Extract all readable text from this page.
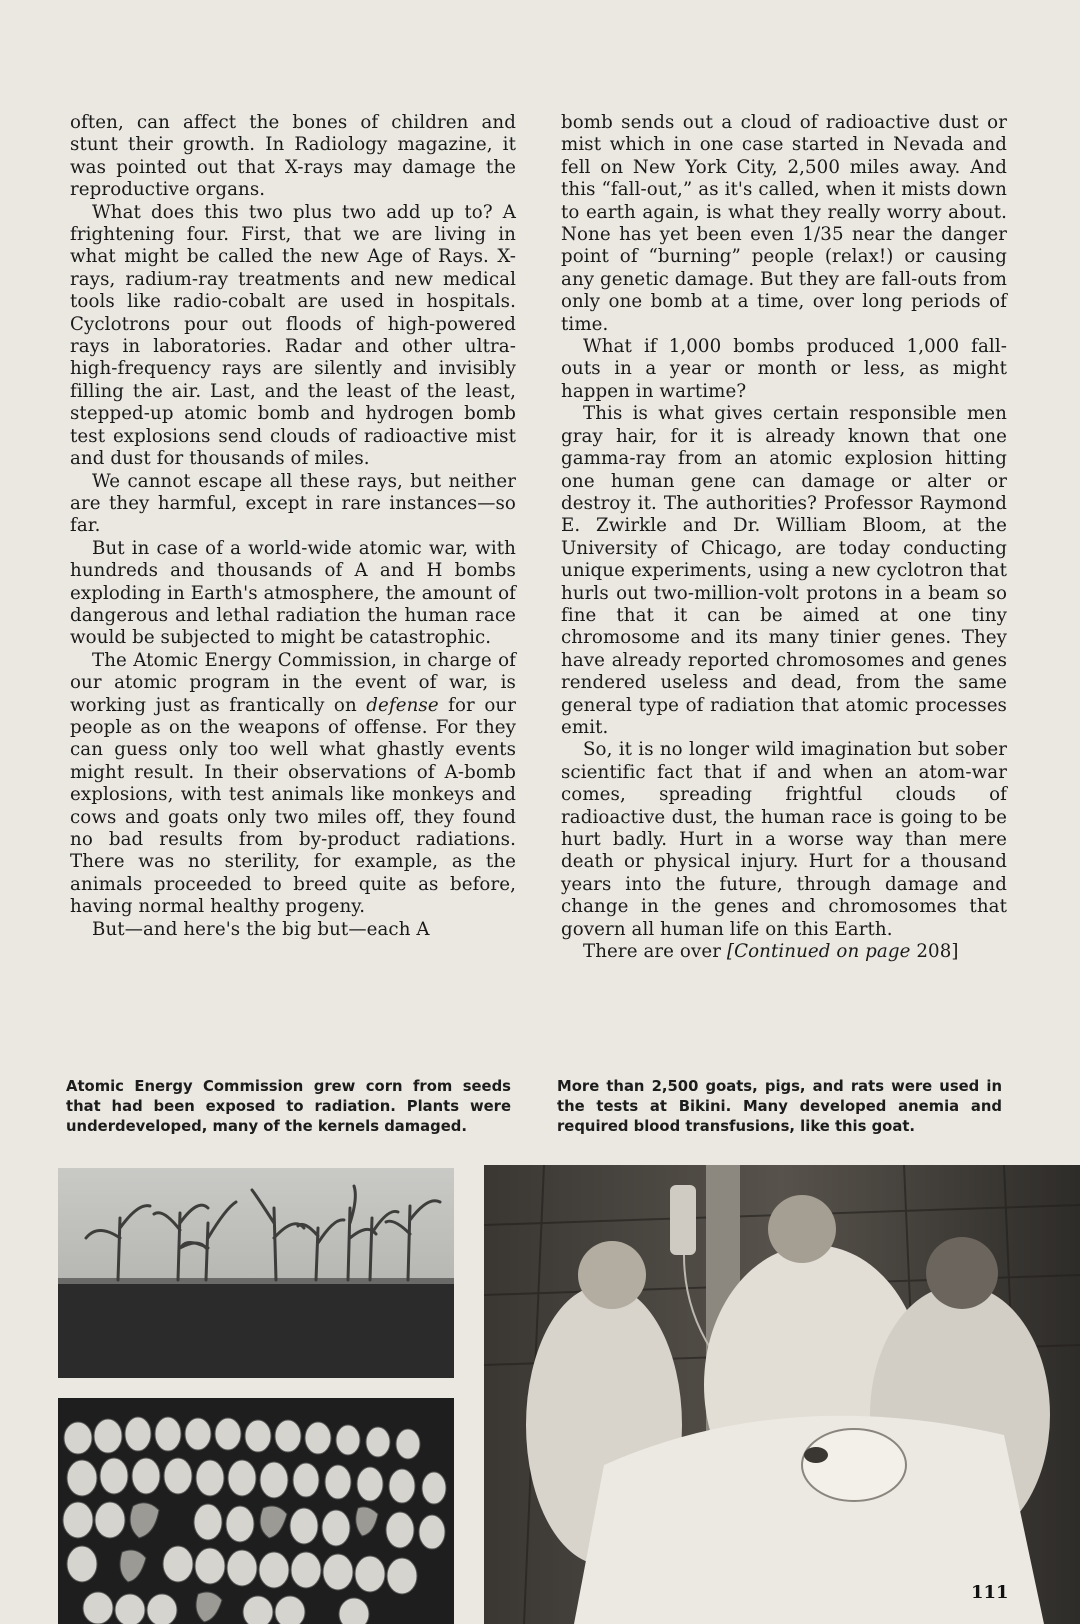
often, can affect the bones of children and stunt their growth. In Radiology magazine, it was pointed out that X-rays may damage the reproductive organs.

What does this two plus two add up to? A frightening four. First, that we are living in what might be called the new Age of Rays. X-rays, radium-ray treatments and new medical tools like radio-cobalt are used in hospitals. Cyclotrons pour out floods of high-powered rays in laboratories. Radar and other ultra-high-frequency rays are silently and invisibly filling the air. Last, and the least of the least, stepped-up atomic bomb and hydrogen bomb test explosions send clouds of radioactive mist and dust for thousands of miles.

We cannot escape all these rays, but neither are they harmful, except in rare instances—so far.

But in case of a world-wide atomic war, with hundreds and thousands of A and H bombs exploding in Earth's atmosphere, the amount of dangerous and lethal radiation the human race would be subjected to might be catastrophic.

The Atomic Energy Commission, in charge of our atomic program in the event of war, is working just as frantically on defense for our people as on the weapons of offense. For they can guess only too well what ghastly events might result. In their observations of A-bomb explosions, with test animals like monkeys and cows and goats only two miles off, they found no bad results from by-product radiations. There was no sterility, for example, as the animals proceeded to breed quite as before, having normal healthy progeny.

But—and here's the big but—each A

bomb sends out a cloud of radioactive dust or mist which in one case started in Nevada and fell on New York City, 2,500 miles away. And this “fall-out,” as it's called, when it mists down to earth again, is what they really worry about. None has yet been even 1/35 near the danger point of “burning” people (relax!) or causing any genetic damage. But they are fall-outs from only one bomb at a time, over long periods of time.

What if 1,000 bombs produced 1,000 fall-outs in a year or month or less, as might happen in wartime?

This is what gives certain responsible men gray hair, for it is already known that one gamma-ray from an atomic explosion hitting one human gene can damage or alter or destroy it. The authorities? Professor Raymond E. Zwirkle and Dr. William Bloom, at the University of Chicago, are today conducting unique experiments, using a new cyclotron that hurls out two-million-volt protons in a beam so fine that it can be aimed at one tiny chromosome and its many tinier genes. They have already reported chromosomes and genes rendered useless and dead, from the same general type of radiation that atomic processes emit.

So, it is no longer wild imagination but sober scientific fact that if and when an atom-war comes, spreading frightful clouds of radioactive dust, the human race is going to be hurt badly. Hurt in a worse way than mere death or physical injury. Hurt for a thousand years into the future, through damage and change in the genes and chromosomes that govern all human life on this Earth.

There are over [Continued on page 208]

Atomic Energy Commission grew corn from seeds that had been exposed to radiation. Plants were underdeveloped, many of the kernels damaged.
More than 2,500 goats, pigs, and rats were used in the tests at Bikini. Many developed anemia and required blood transfusions, like this goat.
111
